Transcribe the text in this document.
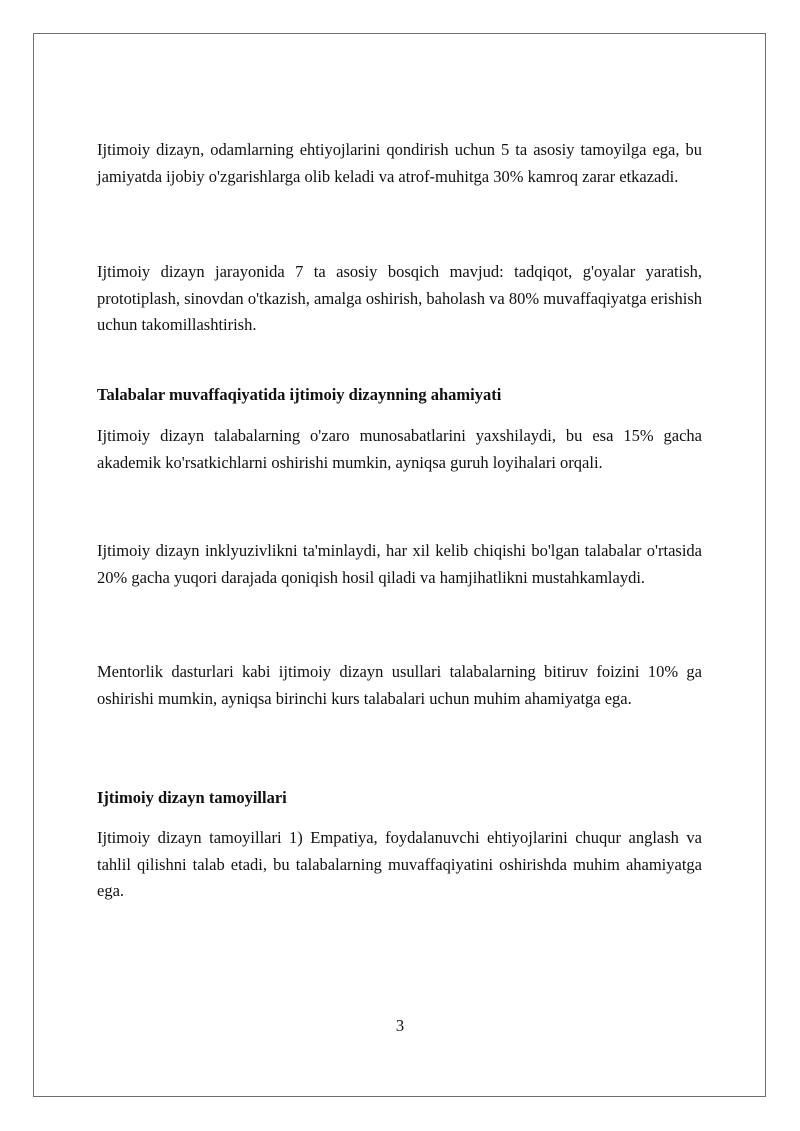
Ijtimoiy dizayn, odamlarning ehtiyojlarini qondirish uchun 5 ta asosiy tamoyilga ega, bu jamiyatda ijobiy o'zgarishlarga olib keladi va atrof-muhitga 30% kamroq zarar etkazadi.

Ijtimoiy dizayn jarayonida 7 ta asosiy bosqich mavjud: tadqiqot, g'oyalar yaratish, prototiplash, sinovdan o'tkazish, amalga oshirish, baholash va 80% muvaffaqiyatga erishish uchun takomillashtirish.

Talabalar muvaffaqiyatida ijtimoiy dizaynning ahamiyati

Ijtimoiy dizayn talabalarning o'zaro munosabatlarini yaxshilaydi, bu esa 15% gacha akademik ko'rsatkichlarni oshirishi mumkin, ayniqsa guruh loyihalari orqali.

Ijtimoiy dizayn inklyuzivlikni ta'minlaydi, har xil kelib chiqishi bo'lgan talabalar o'rtasida 20% gacha yuqori darajada qoniqish hosil qiladi va hamjihatlikni mustahkamlaydi.

Mentorlik dasturlari kabi ijtimoiy dizayn usullari talabalarning bitiruv foizini 10% ga oshirishi mumkin, ayniqsa birinchi kurs talabalari uchun muhim ahamiyatga ega.

Ijtimoiy dizayn tamoyillari

Ijtimoiy dizayn tamoyillari 1) Empatiya, foydalanuvchi ehtiyojlarini chuqur anglash va tahlil qilishni talab etadi, bu talabalarning muvaffaqiyatini oshirishda muhim ahamiyatga ega.

3
